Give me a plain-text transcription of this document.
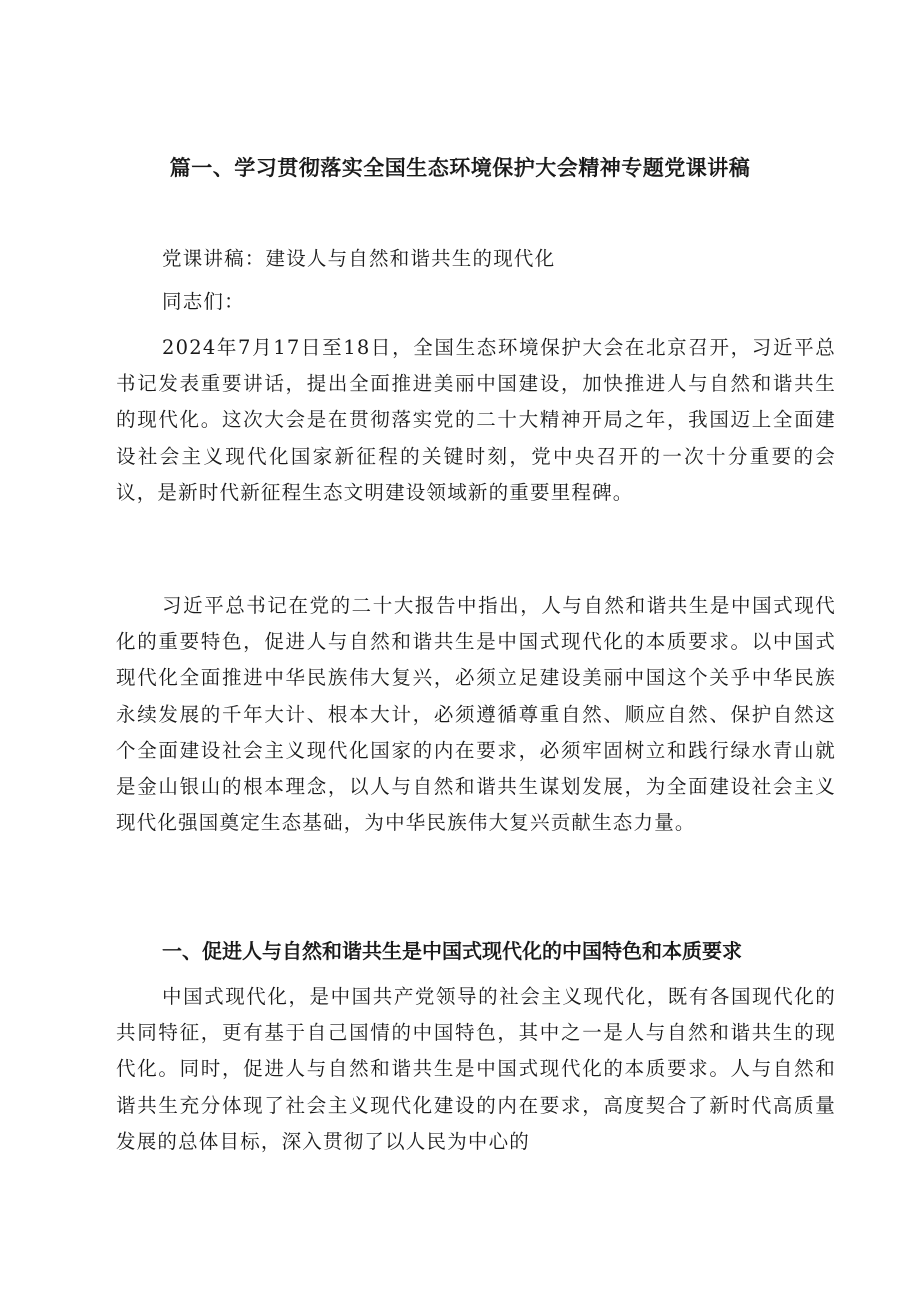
篇一、学习贯彻落实全国生态环境保护大会精神专题党课讲稿
党课讲稿：建设人与自然和谐共生的现代化
同志们：
2024年7月17日至18日，全国生态环境保护大会在北京召开，习近平总书记发表重要讲话，提出全面推进美丽中国建设，加快推进人与自然和谐共生的现代化。这次大会是在贯彻落实党的二十大精神开局之年，我国迈上全面建设社会主义现代化国家新征程的关键时刻，党中央召开的一次十分重要的会议，是新时代新征程生态文明建设领域新的重要里程碑。
习近平总书记在党的二十大报告中指出，人与自然和谐共生是中国式现代化的重要特色，促进人与自然和谐共生是中国式现代化的本质要求。以中国式现代化全面推进中华民族伟大复兴，必须立足建设美丽中国这个关乎中华民族永续发展的千年大计、根本大计，必须遵循尊重自然、顺应自然、保护自然这个全面建设社会主义现代化国家的内在要求，必须牢固树立和践行绿水青山就是金山银山的根本理念，以人与自然和谐共生谋划发展，为全面建设社会主义现代化强国奠定生态基础，为中华民族伟大复兴贡献生态力量。
一、促进人与自然和谐共生是中国式现代化的中国特色和本质要求
中国式现代化，是中国共产党领导的社会主义现代化，既有各国现代化的共同特征，更有基于自己国情的中国特色，其中之一是人与自然和谐共生的现代化。同时，促进人与自然和谐共生是中国式现代化的本质要求。人与自然和谐共生充分体现了社会主义现代化建设的内在要求，高度契合了新时代高质量发展的总体目标，深入贯彻了以人民为中心的
